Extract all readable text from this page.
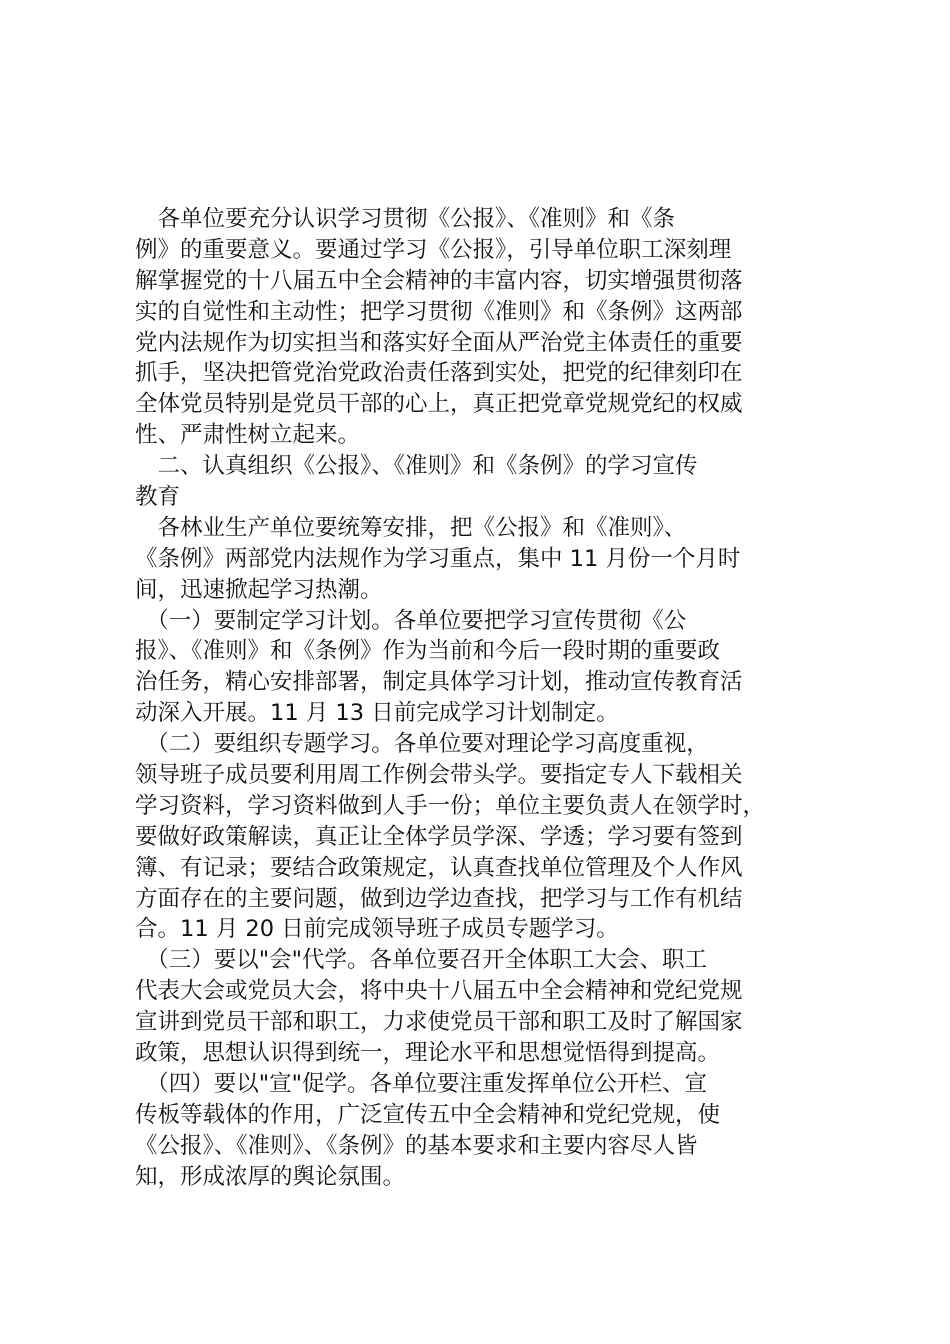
　各单位要充分认识学习贯彻《公报》、《准则》和《条
例》的重要意义。要通过学习《公报》，引导单位职工深刻理
解掌握党的十八届五中全会精神的丰富内容，切实增强贯彻落
实的自觉性和主动性；把学习贯彻《准则》和《条例》这两部
党内法规作为切实担当和落实好全面从严治党主体责任的重要
抓手，坚决把管党治党政治责任落到实处，把党的纪律刻印在
全体党员特别是党员干部的心上，真正把党章党规党纪的权威
性、严肃性树立起来。
　二、认真组织《公报》、《准则》和《条例》的学习宣传
教育
　各林业生产单位要统筹安排，把《公报》和《准则》、
《条例》两部党内法规作为学习重点，集中 11 月份一个月时
间，迅速掀起学习热潮。
　（一）要制定学习计划。各单位要把学习宣传贯彻《公
报》、《准则》和《条例》作为当前和今后一段时期的重要政
治任务，精心安排部署，制定具体学习计划，推动宣传教育活
动深入开展。11 月 13 日前完成学习计划制定。
　（二）要组织专题学习。各单位要对理论学习高度重视，
领导班子成员要利用周工作例会带头学。要指定专人下载相关
学习资料，学习资料做到人手一份；单位主要负责人在领学时，
要做好政策解读，真正让全体学员学深、学透；学习要有签到
簿、有记录；要结合政策规定，认真查找单位管理及个人作风
方面存在的主要问题，做到边学边查找，把学习与工作有机结
合。11 月 20 日前完成领导班子成员专题学习。
　（三）要以"会"代学。各单位要召开全体职工大会、职工
代表大会或党员大会，将中央十八届五中全会精神和党纪党规
宣讲到党员干部和职工，力求使党员干部和职工及时了解国家
政策，思想认识得到统一，理论水平和思想觉悟得到提高。
　（四）要以"宣"促学。各单位要注重发挥单位公开栏、宣
传板等载体的作用，广泛宣传五中全会精神和党纪党规，使
《公报》、《准则》、《条例》的基本要求和主要内容尽人皆
知，形成浓厚的舆论氛围。
